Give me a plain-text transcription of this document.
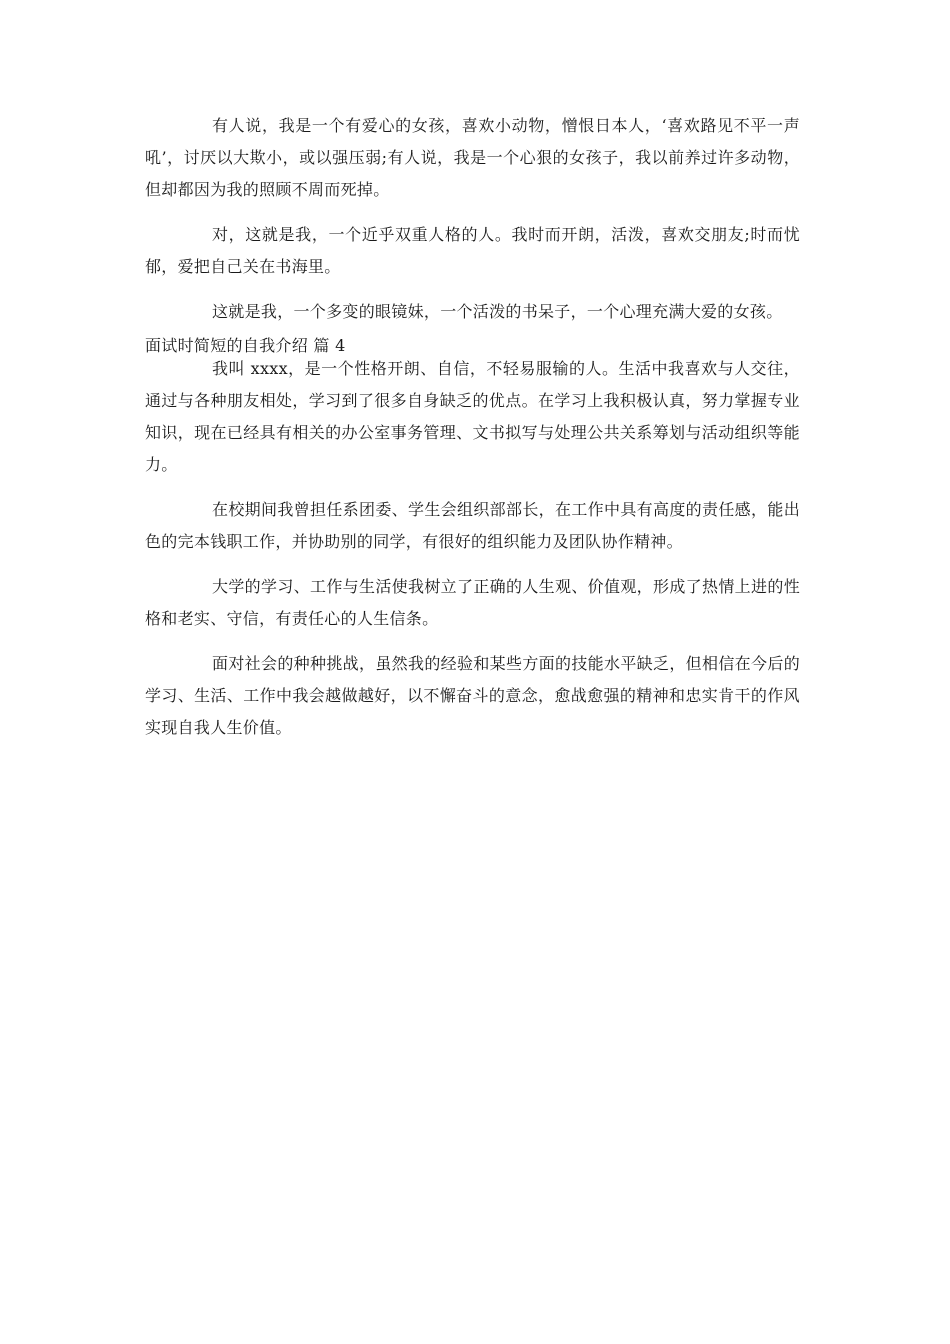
有人说，我是一个有爱心的女孩，喜欢小动物，憎恨日本人，‘喜欢路见不平一声吼’，讨厌以大欺小，或以强压弱;有人说，我是一个心狠的女孩子，我以前养过许多动物，但却都因为我的照顾不周而死掉。

对，这就是我，一个近乎双重人格的人。我时而开朗，活泼，喜欢交朋友;时而忧郁，爱把自己关在书海里。

这就是我，一个多变的眼镜妹，一个活泼的书呆子，一个心理充满大爱的女孩。

面试时简短的自我介绍 篇 4

我叫 xxxx，是一个性格开朗、自信，不轻易服输的人。生活中我喜欢与人交往，通过与各种朋友相处，学习到了很多自身缺乏的优点。在学习上我积极认真，努力掌握专业知识，现在已经具有相关的办公室事务管理、文书拟写与处理公共关系筹划与活动组织等能力。

在校期间我曾担任系团委、学生会组织部部长，在工作中具有高度的责任感，能出色的完本钱职工作，并协助别的同学，有很好的组织能力及团队协作精神。

大学的学习、工作与生活使我树立了正确的人生观、价值观，形成了热情上进的性格和老实、守信，有责任心的人生信条。

面对社会的种种挑战，虽然我的经验和某些方面的技能水平缺乏，但相信在今后的学习、生活、工作中我会越做越好，以不懈奋斗的意念，愈战愈强的精神和忠实肯干的作风实现自我人生价值。
